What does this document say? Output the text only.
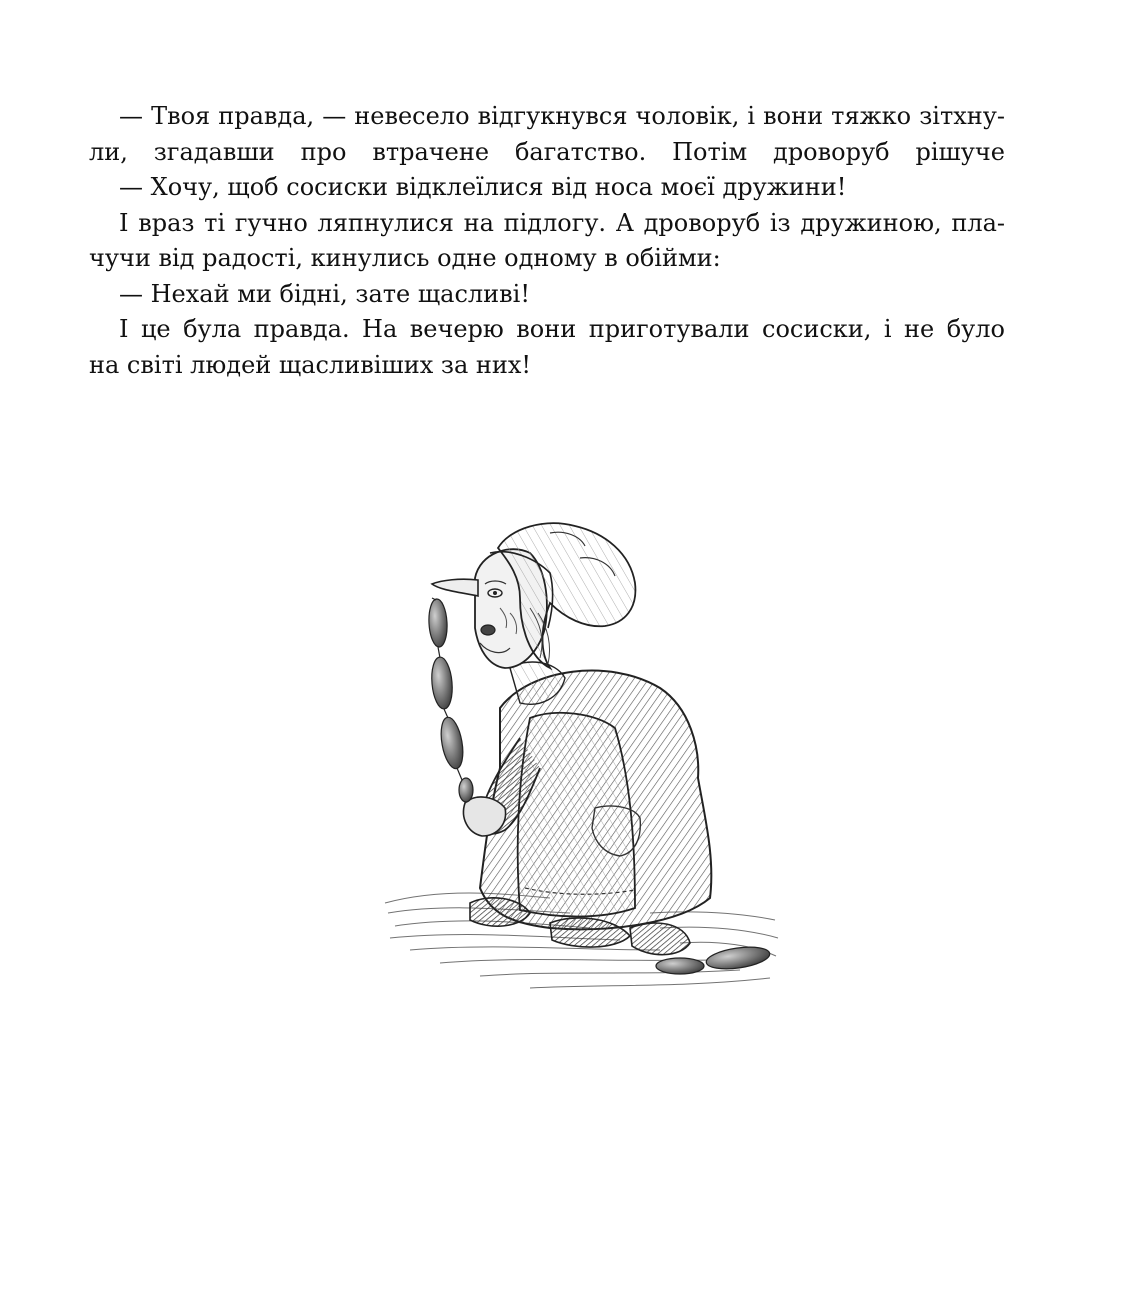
— Твоя правда, — невесело відгукнувся чоловік, і вони тяжко зітхну-
ли, згадавши про втрачене багатство. Потім дроворуб рішуче
— Хочу, щоб сосиски відклеїлися від носа моєї дружини!
І враз ті гучно ляпнулися на підлогу. А дроворуб із дружиною, пла-
чучи від радості, кинулись одне одному в обійми:
— Нехай ми бідні, зате щасливі!
І це була правда. На вечерю вони приготували сосиски, і не було
на світі людей щасливіших за них!
